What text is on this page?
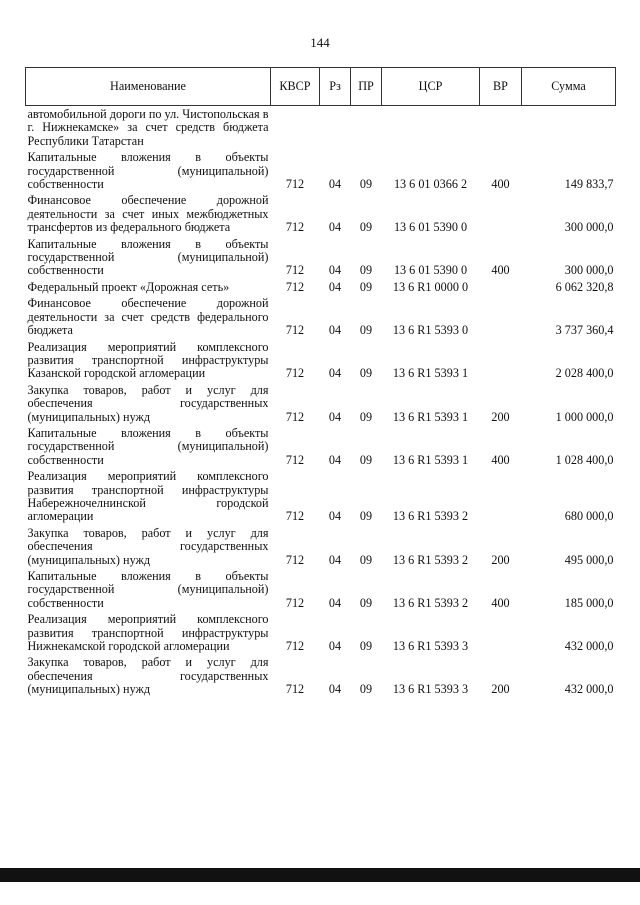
144
Наименование	КВСР	Рз	ПР	ЦСР	ВР	Сумма
автомобильной дороги по ул. Чистопольская в г. Нижнекамске» за счет средств бюджета Республики Татарстан						
Капитальные вложения в объекты государственной (муниципальной) собственности	712	04	09	13 6 01 0366 2	400	149 833,7
Финансовое обеспечение дорожной деятельности за счет иных межбюджетных трансфертов из федерального бюджета	712	04	09	13 6 01 5390 0		300 000,0
Капитальные вложения в объекты государственной (муниципальной) собственности	712	04	09	13 6 01 5390 0	400	300 000,0
Федеральный проект «Дорожная сеть»	712	04	09	13 6 R1 0000 0		6 062 320,8
Финансовое обеспечение дорожной деятельности за счет средств федерального бюджета	712	04	09	13 6 R1 5393 0		3 737 360,4
Реализация мероприятий комплексного развития транспортной инфраструктуры Казанской городской агломерации	712	04	09	13 6 R1 5393 1		2 028 400,0
Закупка товаров, работ и услуг для обеспечения государственных (муниципальных) нужд	712	04	09	13 6 R1 5393 1	200	1 000 000,0
Капитальные вложения в объекты государственной (муниципальной) собственности	712	04	09	13 6 R1 5393 1	400	1 028 400,0
Реализация мероприятий комплексного развития транспортной инфраструктуры Набережночелнинской городской агломерации	712	04	09	13 6 R1 5393 2		680 000,0
Закупка товаров, работ и услуг для обеспечения государственных (муниципальных) нужд	712	04	09	13 6 R1 5393 2	200	495 000,0
Капитальные вложения в объекты государственной (муниципальной) собственности	712	04	09	13 6 R1 5393 2	400	185 000,0
Реализация мероприятий комплексного развития транспортной инфраструктуры Нижнекамской городской агломерации	712	04	09	13 6 R1 5393 3		432 000,0
Закупка товаров, работ и услуг для обеспечения государственных (муниципальных) нужд	712	04	09	13 6 R1 5393 3	200	432 000,0
